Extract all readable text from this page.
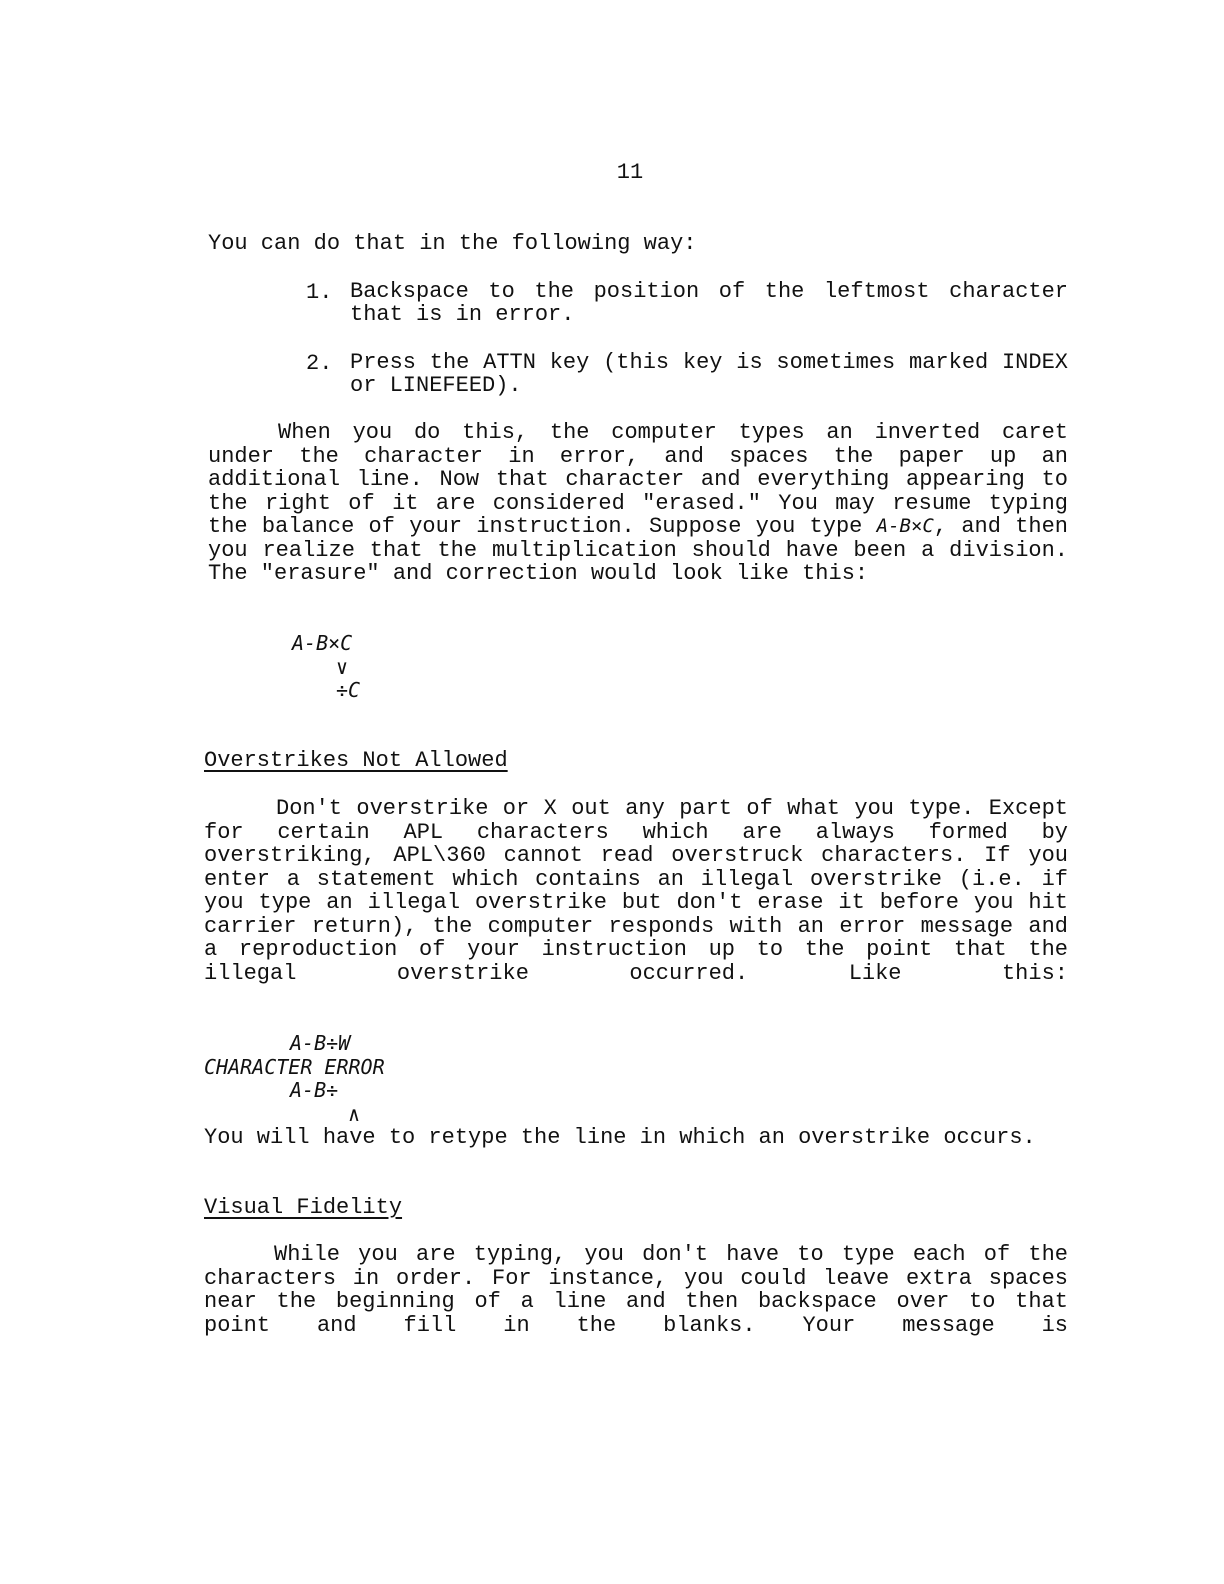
11
You can do that in the following way:
1. Backspace to the position of the leftmost character that is in error.
2. Press the ATTN key (this key is sometimes marked INDEX or LINEFEED).
When you do this, the computer types an inverted caret under the character in error, and spaces the paper up an additional line. Now that character and everything appearing to the right of it are considered "erased." You may resume typing the balance of your instruction. Suppose you type A-B×C, and then you realize that the multiplication should have been a division. The "erasure" and correction would look like this:
A-B×C
∨
÷C
Overstrikes Not Allowed
Don't overstrike or X out any part of what you type. Except for certain APL characters which are always formed by overstriking, APL\360 cannot read overstruck characters. If you enter a statement which contains an illegal overstrike (i.e. if you type an illegal overstrike but don't erase it before you hit carrier return), the computer responds with an error message and a reproduction of your instruction up to the point that the illegal overstrike occurred. Like this:
A-B÷W
CHARACTER ERROR
A-B÷
∧
You will have to retype the line in which an overstrike occurs.
Visual Fidelity
While you are typing, you don't have to type each of the characters in order. For instance, you could leave extra spaces near the beginning of a line and then backspace over to that point and fill in the blanks. Your message is
